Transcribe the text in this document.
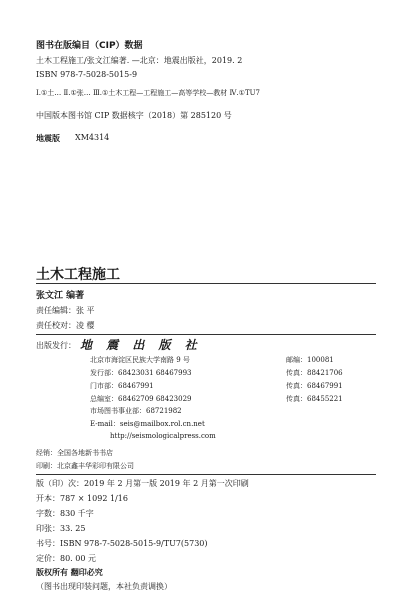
图书在版编目（CIP）数据
土木工程施工/张文江编著. —北京：地震出版社，2019. 2
ISBN 978-7-5028-5015-9
Ⅰ.①土… Ⅱ.①张… Ⅲ.①土木工程—工程施工—高等学校—教材 Ⅳ.①TU7
中国版本图书馆 CIP 数据核字（2018）第 285120 号
地震版 XM4314
土木工程施工
张文江 编著
责任编辑：张 平
责任校对：凌 樱
出版发行： 地 震 出 版 社
北京市海淀区民族大学南路 9 号	邮编：100081
发行部：68423031 68467993	传真：88421706
门市部：68467991	传真：68467991
总编室：68462709 68423029	传真：68455221
市场图书事业部：68721982
E-mail：seis@mailbox.rol.cn.net
http://seismologicalpress.com
经销：全国各地新书书店
印刷：北京鑫丰华彩印有限公司
版（印）次：2019 年 2 月第一版 2019 年 2 月第一次印刷
开本：787 × 1092 1/16
字数：830 千字
印张：33. 25
书号：ISBN 978-7-5028-5015-9/TU7(5730)
定价：80. 00 元
版权所有 翻印必究
（图书出现印装问题，本社负责调换）
